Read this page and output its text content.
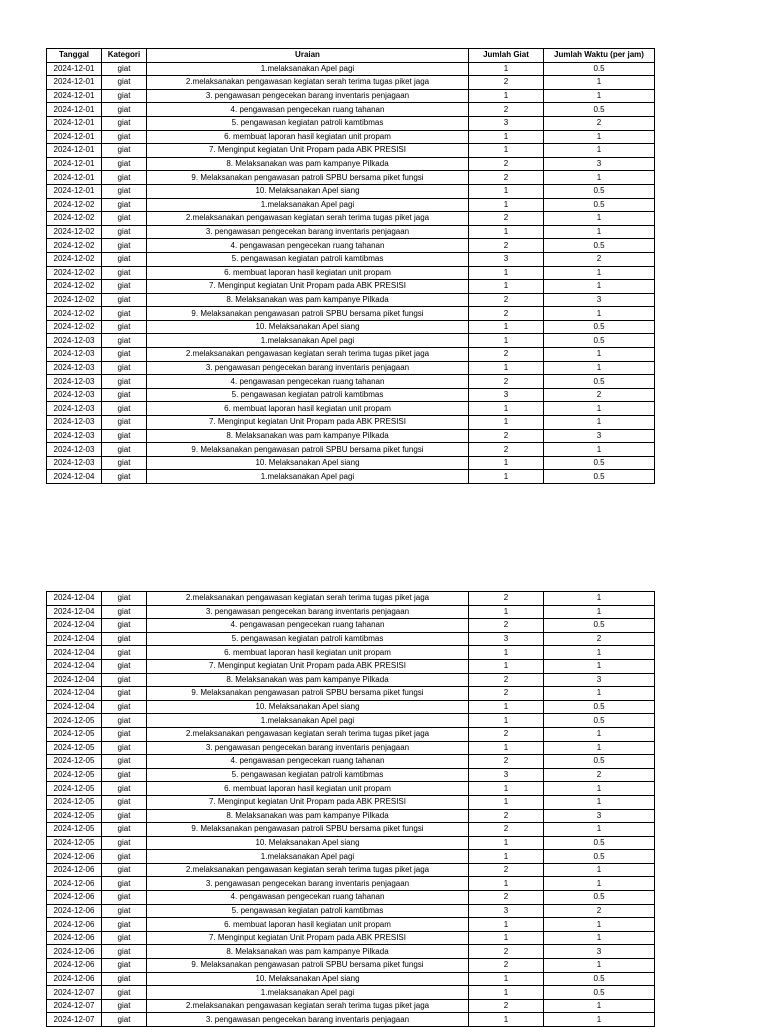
Tanggal	Kategori	Uraian	Jumlah Giat	Jumlah Waktu (per jam)
2024-12-01	giat	1.melaksanakan Apel pagi	1	0.5
2024-12-01	giat	2.melaksanakan pengawasan kegiatan serah terima tugas piket jaga	2	1
2024-12-01	giat	3. pengawasan pengecekan barang inventaris penjagaan	1	1
2024-12-01	giat	4. pengawasan pengecekan ruang tahanan	2	0.5
2024-12-01	giat	5. pengawasan kegiatan patroli kamtibmas	3	2
2024-12-01	giat	6. membuat laporan hasil kegiatan unit propam	1	1
2024-12-01	giat	7. Menginput kegiatan Unit Propam pada ABK PRESISI	1	1
2024-12-01	giat	8. Melaksanakan was pam kampanye Pilkada	2	3
2024-12-01	giat	9. Melaksanakan pengawasan patroli SPBU bersama piket fungsi	2	1
2024-12-01	giat	10. Melaksanakan Apel siang	1	0.5
2024-12-02	giat	1.melaksanakan Apel pagi	1	0.5
2024-12-02	giat	2.melaksanakan pengawasan kegiatan serah terima tugas piket jaga	2	1
2024-12-02	giat	3. pengawasan pengecekan barang inventaris penjagaan	1	1
2024-12-02	giat	4. pengawasan pengecekan ruang tahanan	2	0.5
2024-12-02	giat	5. pengawasan kegiatan patroli kamtibmas	3	2
2024-12-02	giat	6. membuat laporan hasil kegiatan unit propam	1	1
2024-12-02	giat	7. Menginput kegiatan Unit Propam pada ABK PRESISI	1	1
2024-12-02	giat	8. Melaksanakan was pam kampanye Pilkada	2	3
2024-12-02	giat	9. Melaksanakan pengawasan patroli SPBU bersama piket fungsi	2	1
2024-12-02	giat	10. Melaksanakan Apel siang	1	0.5
2024-12-03	giat	1.melaksanakan Apel pagi	1	0.5
2024-12-03	giat	2.melaksanakan pengawasan kegiatan serah terima tugas piket jaga	2	1
2024-12-03	giat	3. pengawasan pengecekan barang inventaris penjagaan	1	1
2024-12-03	giat	4. pengawasan pengecekan ruang tahanan	2	0.5
2024-12-03	giat	5. pengawasan kegiatan patroli kamtibmas	3	2
2024-12-03	giat	6. membuat laporan hasil kegiatan unit propam	1	1
2024-12-03	giat	7. Menginput kegiatan Unit Propam pada ABK PRESISI	1	1
2024-12-03	giat	8. Melaksanakan was pam kampanye Pilkada	2	3
2024-12-03	giat	9. Melaksanakan pengawasan patroli SPBU bersama piket fungsi	2	1
2024-12-03	giat	10. Melaksanakan Apel siang	1	0.5
2024-12-04	giat	1.melaksanakan Apel pagi	1	0.5
2024-12-04	giat	2.melaksanakan pengawasan kegiatan serah terima tugas piket jaga	2	1
2024-12-04	giat	3. pengawasan pengecekan barang inventaris penjagaan	1	1
2024-12-04	giat	4. pengawasan pengecekan ruang tahanan	2	0.5
2024-12-04	giat	5. pengawasan kegiatan patroli kamtibmas	3	2
2024-12-04	giat	6. membuat laporan hasil kegiatan unit propam	1	1
2024-12-04	giat	7. Menginput kegiatan Unit Propam pada ABK PRESISI	1	1
2024-12-04	giat	8. Melaksanakan was pam kampanye Pilkada	2	3
2024-12-04	giat	9. Melaksanakan pengawasan patroli SPBU bersama piket fungsi	2	1
2024-12-04	giat	10. Melaksanakan Apel siang	1	0.5
2024-12-05	giat	1.melaksanakan Apel pagi	1	0.5
2024-12-05	giat	2.melaksanakan pengawasan kegiatan serah terima tugas piket jaga	2	1
2024-12-05	giat	3. pengawasan pengecekan barang inventaris penjagaan	1	1
2024-12-05	giat	4. pengawasan pengecekan ruang tahanan	2	0.5
2024-12-05	giat	5. pengawasan kegiatan patroli kamtibmas	3	2
2024-12-05	giat	6. membuat laporan hasil kegiatan unit propam	1	1
2024-12-05	giat	7. Menginput kegiatan Unit Propam pada ABK PRESISI	1	1
2024-12-05	giat	8. Melaksanakan was pam kampanye Pilkada	2	3
2024-12-05	giat	9. Melaksanakan pengawasan patroli SPBU bersama piket fungsi	2	1
2024-12-05	giat	10. Melaksanakan Apel siang	1	0.5
2024-12-06	giat	1.melaksanakan Apel pagi	1	0.5
2024-12-06	giat	2.melaksanakan pengawasan kegiatan serah terima tugas piket jaga	2	1
2024-12-06	giat	3. pengawasan pengecekan barang inventaris penjagaan	1	1
2024-12-06	giat	4. pengawasan pengecekan ruang tahanan	2	0.5
2024-12-06	giat	5. pengawasan kegiatan patroli kamtibmas	3	2
2024-12-06	giat	6. membuat laporan hasil kegiatan unit propam	1	1
2024-12-06	giat	7. Menginput kegiatan Unit Propam pada ABK PRESISI	1	1
2024-12-06	giat	8. Melaksanakan was pam kampanye Pilkada	2	3
2024-12-06	giat	9. Melaksanakan pengawasan patroli SPBU bersama piket fungsi	2	1
2024-12-06	giat	10. Melaksanakan Apel siang	1	0.5
2024-12-07	giat	1.melaksanakan Apel pagi	1	0.5
2024-12-07	giat	2.melaksanakan pengawasan kegiatan serah terima tugas piket jaga	2	1
2024-12-07	giat	3. pengawasan pengecekan barang inventaris penjagaan	1	1
